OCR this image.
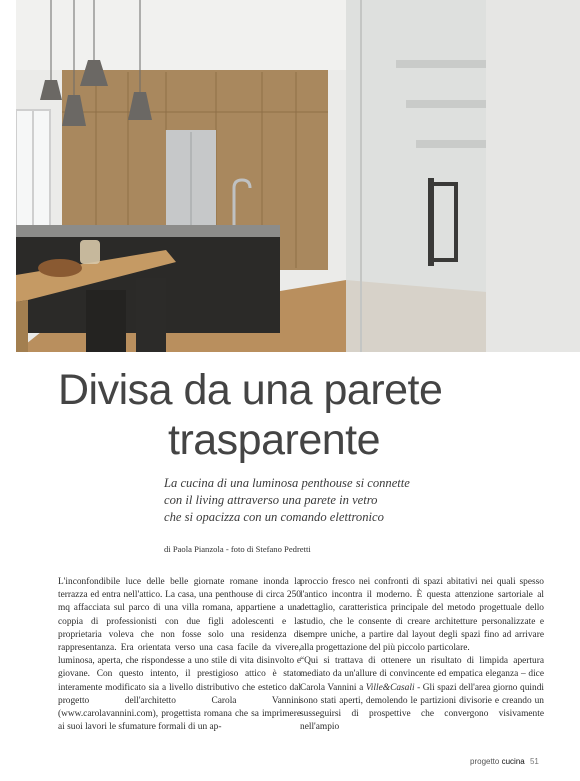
Divisa da una parete
trasparente
La cucina di una luminosa penthouse si connette
con il living attraverso una parete in vetro
che si opacizza con un comando elettronico
di Paola Pianzola - foto di Stefano Pedretti
L'inconfondibile luce delle belle giornate romane inonda la terrazza ed entra nell'attico. La casa, una penthouse di circa 250 mq affacciata sul parco di una villa romana, appartiene a una coppia di professionisti con due figli adolescenti e la proprietaria voleva che non fosse solo una residenza di rappresentanza. Era orientata verso una casa facile da vivere, luminosa, aperta, che rispondesse a uno stile di vita disinvolto e giovane. Con questo intento, il prestigioso attico è stato interamente modificato sia a livello distributivo che estetico dal progetto dell'architetto Carola Vannini (www.carolavannini.com), progettista romana che sa imprimere ai suoi lavori le sfumature formali di un ap-
proccio fresco nei confronti di spazi abitativi nei quali spesso l'antico incontra il moderno. È questa attenzione sartoriale al dettaglio, caratteristica principale del metodo progettuale dello studio, che le consente di creare architetture personalizzate e sempre uniche, a partire dal layout degli spazi fino ad arrivare alla progettazione del più piccolo particolare.
“Qui si trattava di ottenere un risultato di limpida apertura mediato da un'allure di convincente ed empatica eleganza – dice Carola Vannini a Ville&Casali - Gli spazi dell'area giorno quindi sono stati aperti, demolendo le partizioni divisorie e creando un susseguirsi di prospettive che convergono visivamente nell'ampio
progetto cucina 51
